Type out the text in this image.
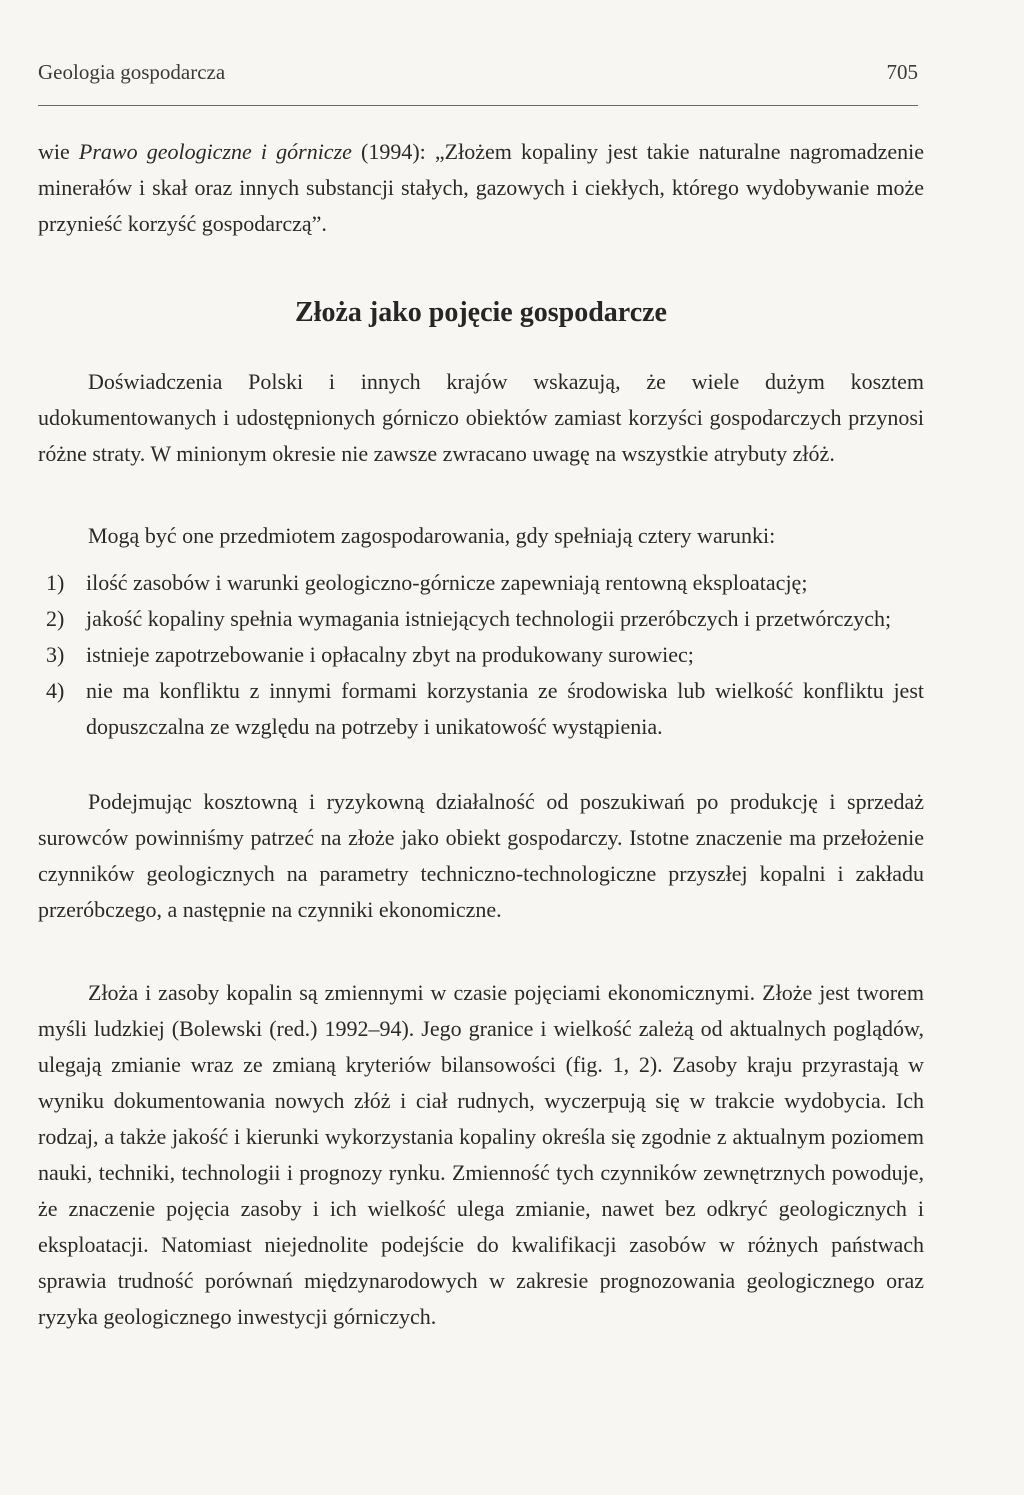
Geologia gospodarcza	705

wie Prawo geologiczne i górnicze (1994): „Złożem kopaliny jest takie naturalne nagromadzenie minerałów i skał oraz innych substancji stałych, gazowych i ciekłych, którego wydobywanie może przynieść korzyść gospodarczą”.

Złoża jako pojęcie gospodarcze

Doświadczenia Polski i innych krajów wskazują, że wiele dużym kosztem udokumentowanych i udostępnionych górniczo obiektów zamiast korzyści gospodarczych przynosi różne straty. W minionym okresie nie zawsze zwracano uwagę na wszystkie atrybuty złóż.

Mogą być one przedmiotem zagospodarowania, gdy spełniają cztery warunki:

1) ilość zasobów i warunki geologiczno-górnicze zapewniają rentowną eksploatację;
2) jakość kopaliny spełnia wymagania istniejących technologii przeróbczych i przetwórczych;
3) istnieje zapotrzebowanie i opłacalny zbyt na produkowany surowiec;
4) nie ma konfliktu z innymi formami korzystania ze środowiska lub wielkość konfliktu jest dopuszczalna ze względu na potrzeby i unikatowość wystąpienia.

Podejmując kosztowną i ryzykowną działalność od poszukiwań po produkcję i sprzedaż surowców powinniśmy patrzeć na złoże jako obiekt gospodarczy. Istotne znaczenie ma przełożenie czynników geologicznych na parametry techniczno-technologiczne przyszłej kopalni i zakładu przeróbczego, a następnie na czynniki ekonomiczne.

Złoża i zasoby kopalin są zmiennymi w czasie pojęciami ekonomicznymi. Złoże jest tworem myśli ludzkiej (Bolewski (red.) 1992–94). Jego granice i wielkość zależą od aktualnych poglądów, ulegają zmianie wraz ze zmianą kryteriów bilansowości (fig. 1, 2). Zasoby kraju przyrastają w wyniku dokumentowania nowych złóż i ciał rudnych, wyczerpują się w trakcie wydobycia. Ich rodzaj, a także jakość i kierunki wykorzystania kopaliny określa się zgodnie z aktualnym poziomem nauki, techniki, technologii i prognozy rynku. Zmienność tych czynników zewnętrznych powoduje, że znaczenie pojęcia zasoby i ich wielkość ulega zmianie, nawet bez odkryć geologicznych i eksploatacji. Natomiast niejednolite podejście do kwalifikacji zasobów w różnych państwach sprawia trudność porównań międzynarodowych w zakresie prognozowania geologicznego oraz ryzyka geologicznego inwestycji górniczych.
